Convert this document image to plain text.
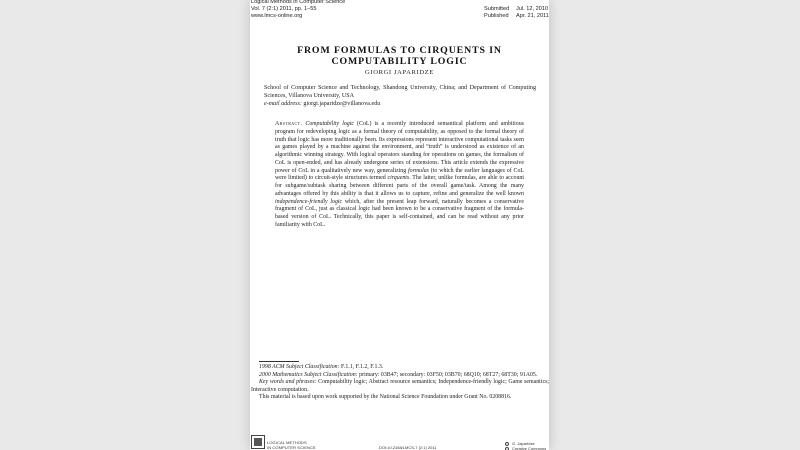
Logical Methods in Computer Science
Vol. 7 (2:1) 2011, pp. 1–55
www.lmcs-online.org
Submitted	Jul. 12, 2010
Published	Apr. 21, 2011
FROM FORMULAS TO CIRQUENTS IN COMPUTABILITY LOGIC
GIORGI JAPARIDZE
School of Computer Science and Technology, Shandong University, China; and Department of Computing Sciences, Villanova University, USA
e-mail address: giorgi.japaridze@villanova.edu
Abstract. Computability logic (CoL) is a recently introduced semantical platform and ambitious program for redeveloping logic as a formal theory of computability, as opposed to the formal theory of truth that logic has more traditionally been. Its expressions represent interactive computational tasks seen as games played by a machine against the environment, and “truth” is understood as existence of an algorithmic winning strategy. With logical operators standing for operations on games, the formalism of CoL is open-ended, and has already undergone series of extensions. This article extends the expressive power of CoL in a qualitatively new way, generalizing formulas (to which the earlier languages of CoL were limited) to circuit-style structures termed cirquents. The latter, unlike formulas, are able to account for subgame/subtask sharing between different parts of the overall game/task. Among the many advantages offered by this ability is that it allows us to capture, refine and generalize the well known independence-friendly logic which, after the present leap forward, naturally becomes a conservative fragment of CoL, just as classical logic had been known to be a conservative fragment of the formula-based version of CoL. Technically, this paper is self-contained, and can be read without any prior familiarity with CoL.

1998 ACM Subject Classification: F.1.1, F.1.2, F.1.3.

2000 Mathematics Subject Classification: primary: 03B47; secondary: 03F50; 03B70; 68Q10; 68T27; 68T30; 91A05.

Key words and phrases: Computability logic; Abstract resource semantics; Independence-friendly logic; Game semantics; Interactive computation.

This material is based upon work supported by the National Science Foundation under Grant No. 0208816.

LOGICAL METHODS
IN COMPUTER SCIENCE	DOI:10.2168/LMCS-7 (2:1) 2011
G. Japaridze
Creative Commons
